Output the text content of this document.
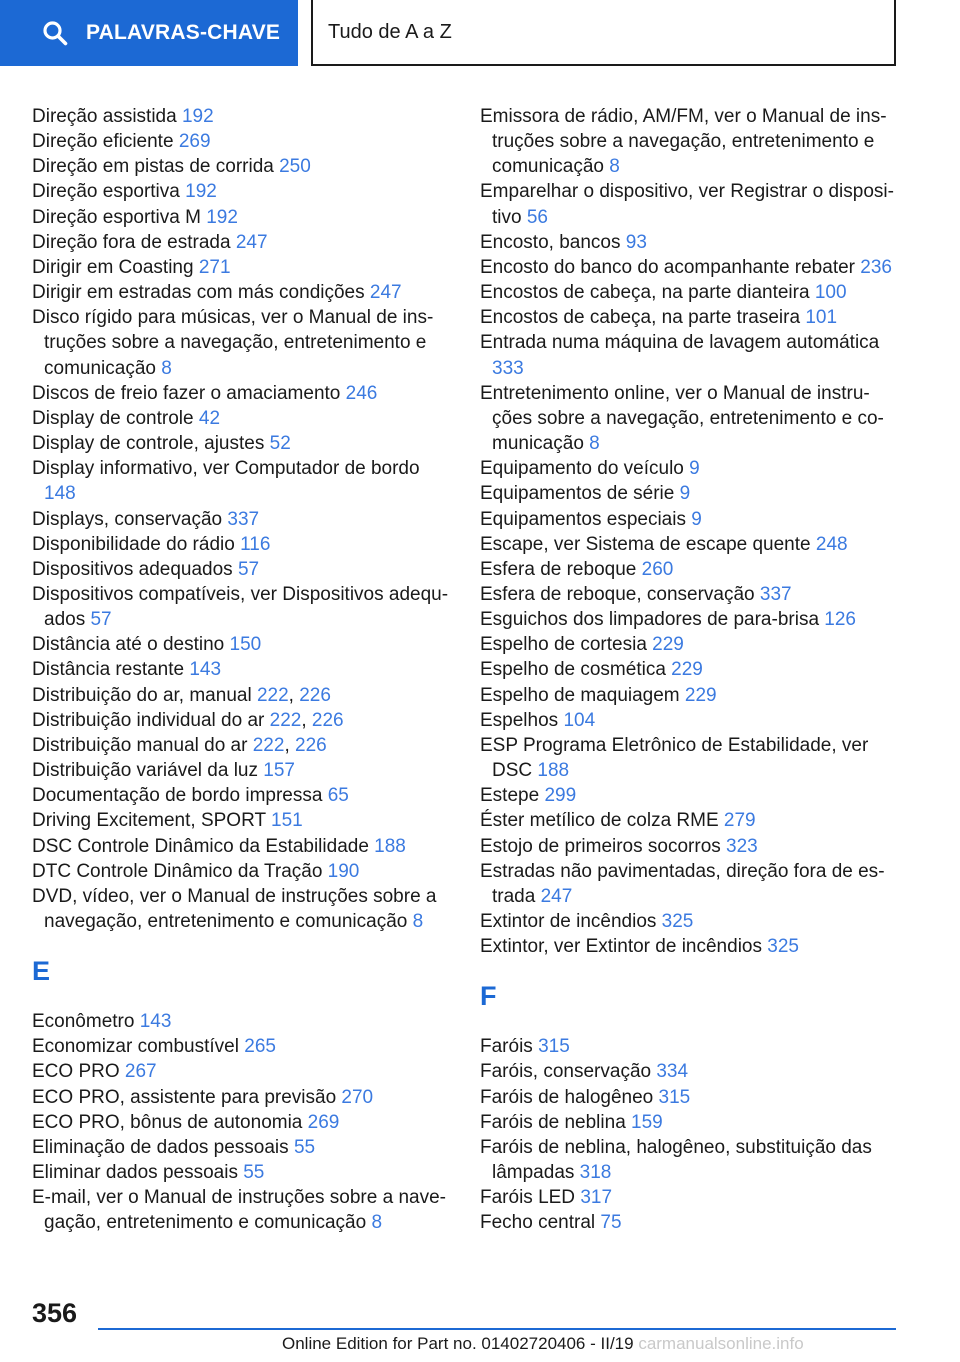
PALAVRAS-CHAVE Tudo de A a Z
Direção assistida 192
Direção eficiente 269
Direção em pistas de corrida 250
Direção esportiva 192
Direção esportiva M 192
Direção fora de estrada 247
Dirigir em Coasting 271
Dirigir em estradas com más condições 247
Disco rígido para músicas, ver o Manual de instruções sobre a navegação, entretenimento e comunicação 8
Discos de freio fazer o amaciamento 246
Display de controle 42
Display de controle, ajustes 52
Display informativo, ver Computador de bordo 148
Displays, conservação 337
Disponibilidade do rádio 116
Dispositivos adequados 57
Dispositivos compatíveis, ver Dispositivos adequados 57
Distância até o destino 150
Distância restante 143
Distribuição do ar, manual 222, 226
Distribuição individual do ar 222, 226
Distribuição manual do ar 222, 226
Distribuição variável da luz 157
Documentação de bordo impressa 65
Driving Excitement, SPORT 151
DSC Controle Dinâmico da Estabilidade 188
DTC Controle Dinâmico da Tração 190
DVD, vídeo, ver o Manual de instruções sobre a navegação, entretenimento e comunicação 8
E
Econômetro 143
Economizar combustível 265
ECO PRO 267
ECO PRO, assistente para previsão 270
ECO PRO, bônus de autonomia 269
Eliminação de dados pessoais 55
Eliminar dados pessoais 55
E-mail, ver o Manual de instruções sobre a navegação, entretenimento e comunicação 8
Emissora de rádio, AM/FM, ver o Manual de instruções sobre a navegação, entretenimento e comunicação 8
Emparelhar o dispositivo, ver Registrar o dispositivo 56
Encosto, bancos 93
Encosto do banco do acompanhante rebater 236
Encostos de cabeça, na parte dianteira 100
Encostos de cabeça, na parte traseira 101
Entrada numa máquina de lavagem automática 333
Entretenimento online, ver o Manual de instruções sobre a navegação, entretenimento e comunicação 8
Equipamento do veículo 9
Equipamentos de série 9
Equipamentos especiais 9
Escape, ver Sistema de escape quente 248
Esfera de reboque 260
Esfera de reboque, conservação 337
Esguichos dos limpadores de para-brisa 126
Espelho de cortesia 229
Espelho de cosmética 229
Espelho de maquiagem 229
Espelhos 104
ESP Programa Eletrônico de Estabilidade, ver DSC 188
Estepe 299
Éster metílico de colza RME 279
Estojo de primeiros socorros 323
Estradas não pavimentadas, direção fora de estrada 247
Extintor de incêndios 325
Extintor, ver Extintor de incêndios 325
F
Faróis 315
Faróis, conservação 334
Faróis de halogêneo 315
Faróis de neblina 159
Faróis de neblina, halogêneo, substituição das lâmpadas 318
Faróis LED 317
Fecho central 75
356
Online Edition for Part no. 01402720406 - II/19 carmanualsonline.info
